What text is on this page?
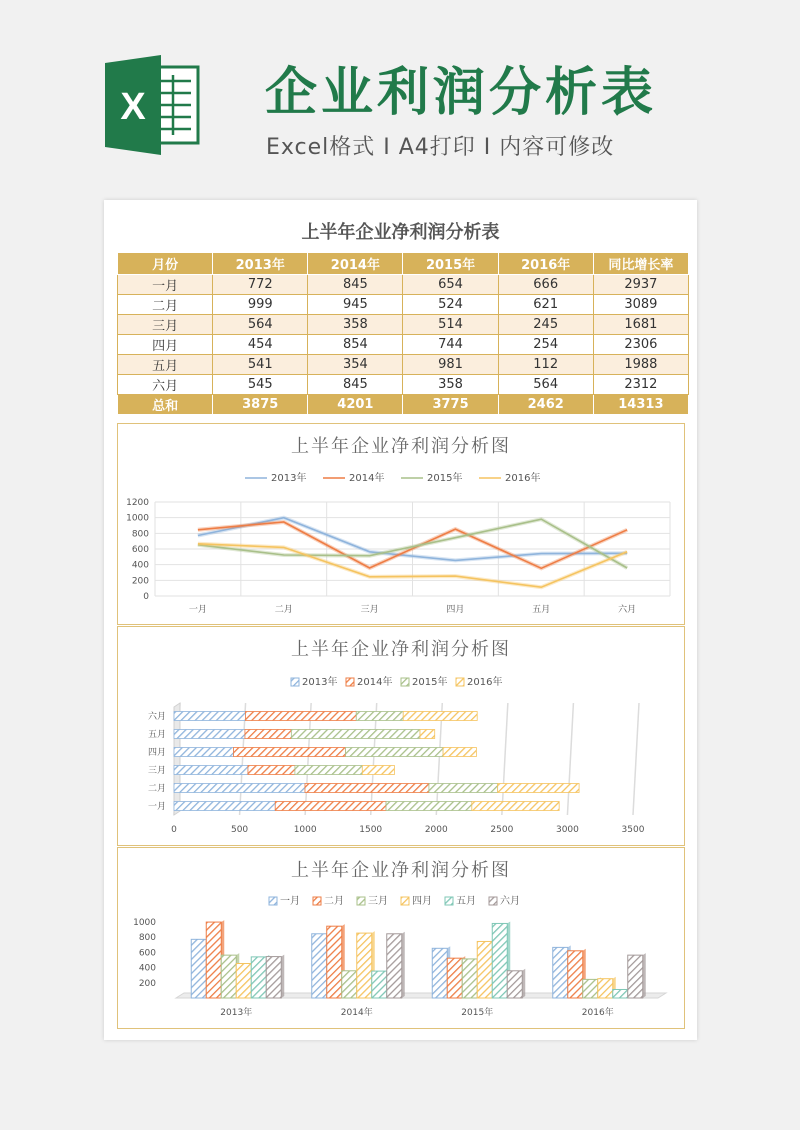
X 企业利润分析表
Excel格式 I A4打印 I 内容可修改
上半年企业净利润分析表
月份	2013年	2014年	2015年	2016年	同比增长率
一月	772	845	654	666	2937
二月	999	945	524	621	3089
三月	564	358	514	245	1681
四月	454	854	744	254	2306
五月	541	354	981	112	1988
六月	545	845	358	564	2312
总和	3875	4201	3775	2462	14313
上半年企业净利润分析图
2013年	2014年	2015年	2016年
0
200
400
600
800
1000
1200
一月	二月	三月	四月	五月	六月
上半年企业净利润分析图
2013年 2014年 2015年 2016年
0	500	1000	1500	2000	2500	3000	3500
一月
二月
三月
四月
五月
六月
上半年企业净利润分析图
一月 二月 三月 四月 五月 六月
200
400
600
800
1000
2013年	2014年	2015年	2016年
